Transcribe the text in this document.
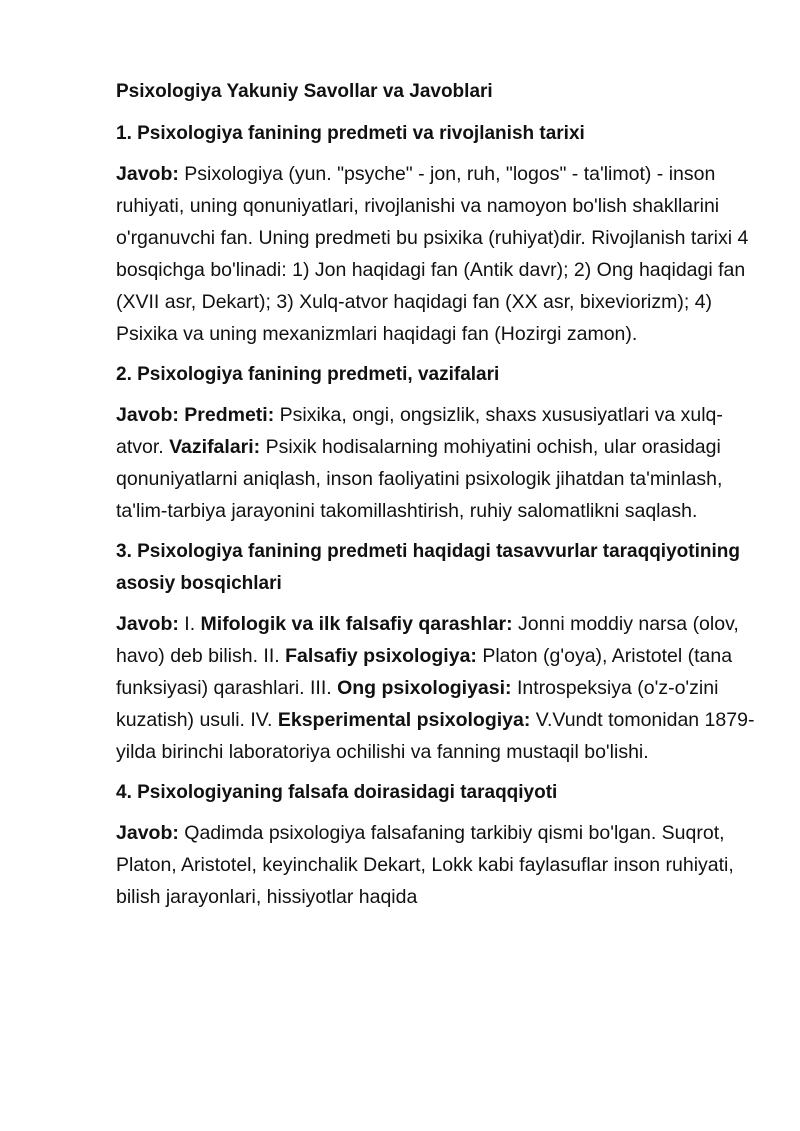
Psixologiya Yakuniy Savollar va Javoblari
1. Psixologiya fanining predmeti va rivojlanish tarixi
Javob: Psixologiya (yun. "psyche" - jon, ruh, "logos" - ta'limot) - inson ruhiyati, uning qonuniyatlari, rivojlanishi va namoyon bo'lish shakllarini o'rganuvchi fan. Uning predmeti bu psixika (ruhiyat)dir. Rivojlanish tarixi 4 bosqichga bo'linadi: 1) Jon haqidagi fan (Antik davr); 2) Ong haqidagi fan (XVII asr, Dekart); 3) Xulq-atvor haqidagi fan (XX asr, bixeviorizm); 4) Psixika va uning mexanizmlari haqidagi fan (Hozirgi zamon).
2. Psixologiya fanining predmeti, vazifalari
Javob: Predmeti: Psixika, ongi, ongsizlik, shaxs xususiyatlari va xulq-atvor. Vazifalari: Psixik hodisalarning mohiyatini ochish, ular orasidagi qonuniyatlarni aniqlash, inson faoliyatini psixologik jihatdan ta'minlash, ta'lim-tarbiya jarayonini takomillashtirish, ruhiy salomatlikni saqlash.
3. Psixologiya fanining predmeti haqidagi tasavvurlar taraqqiyotining asosiy bosqichlari
Javob: I. Mifologik va ilk falsafiy qarashlar: Jonni moddiy narsa (olov, havo) deb bilish. II. Falsafiy psixologiya: Platon (g'oya), Aristotel (tana funksiyasi) qarashlari. III. Ong psixologiyasi: Introspeksiya (o'z-o'zini kuzatish) usuli. IV. Eksperimental psixologiya: V.Vundt tomonidan 1879-yilda birinchi laboratoriya ochilishi va fanning mustaqil bo'lishi.
4. Psixologiyaning falsafa doirasidagi taraqqiyoti
Javob: Qadimda psixologiya falsafaning tarkibiy qismi bo'lgan. Suqrot, Platon, Aristotel, keyinchalik Dekart, Lokk kabi faylasuflar inson ruhiyati, bilish jarayonlari, hissiyotlar haqida
